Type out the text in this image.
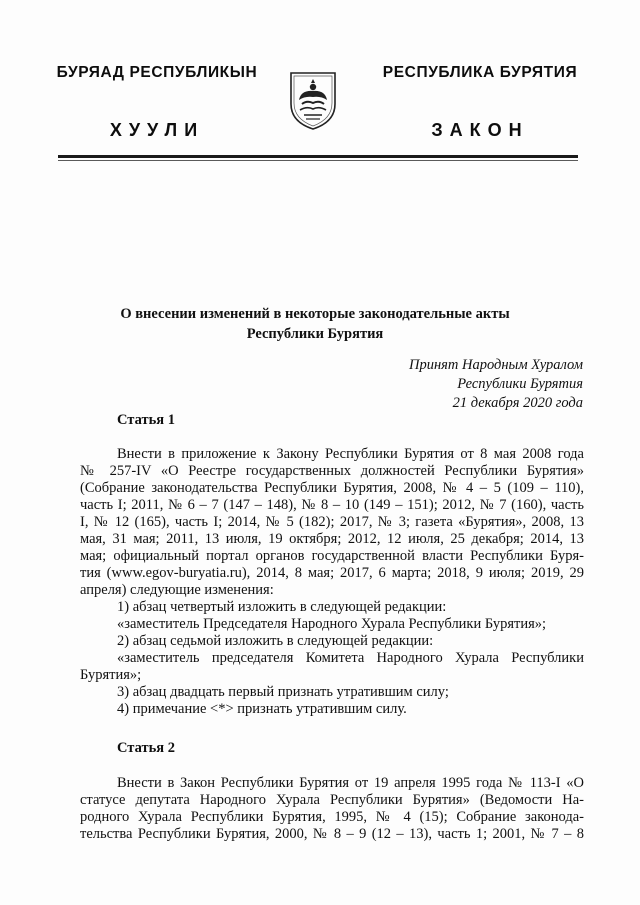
БУРЯАД РЕСПУБЛИКЫН
ХУУЛИ
РЕСПУБЛИКА БУРЯТИЯ
ЗАКОН
О внесении изменений в некоторые законодательные акты
Республики Бурятия
Принят Народным Хуралом
Республики Бурятия
21 декабря 2020 года
Статья 1
Внести в приложение к Закону Республики Бурятия от 8 мая 2008 года
№ 257-IV «О Реестре государственных должностей Республики Бурятия»
(Собрание законодательства Республики Бурятия, 2008, № 4 – 5 (109 – 110),
часть I; 2011, № 6 – 7 (147 – 148), № 8 – 10 (149 – 151); 2012, № 7 (160), часть
I, № 12 (165), часть I; 2014, № 5 (182); 2017, № 3; газета «Бурятия», 2008, 13
мая, 31 мая; 2011, 13 июля, 19 октября; 2012, 12 июля, 25 декабря; 2014, 13
мая; официальный портал органов государственной власти Республики Буря-
тия (www.egov-buryatia.ru), 2014, 8 мая; 2017, 6 марта; 2018, 9 июля; 2019, 29
апреля) следующие изменения:
1) абзац четвертый изложить в следующей редакции:
«заместитель Председателя Народного Хурала Республики Бурятия»;
2) абзац седьмой изложить в следующей редакции:
«заместитель председателя Комитета Народного Хурала Республики
Бурятия»;
3) абзац двадцать первый признать утратившим силу;
4) примечание <*> признать утратившим силу.
Статья 2
Внести в Закон Республики Бурятия от 19 апреля 1995 года № 113-I «О
статусе депутата Народного Хурала Республики Бурятия» (Ведомости На-
родного Хурала Республики Бурятия, 1995, № 4 (15); Собрание законода-
тельства Республики Бурятия, 2000, № 8 – 9 (12 – 13), часть 1; 2001, № 7 – 8
